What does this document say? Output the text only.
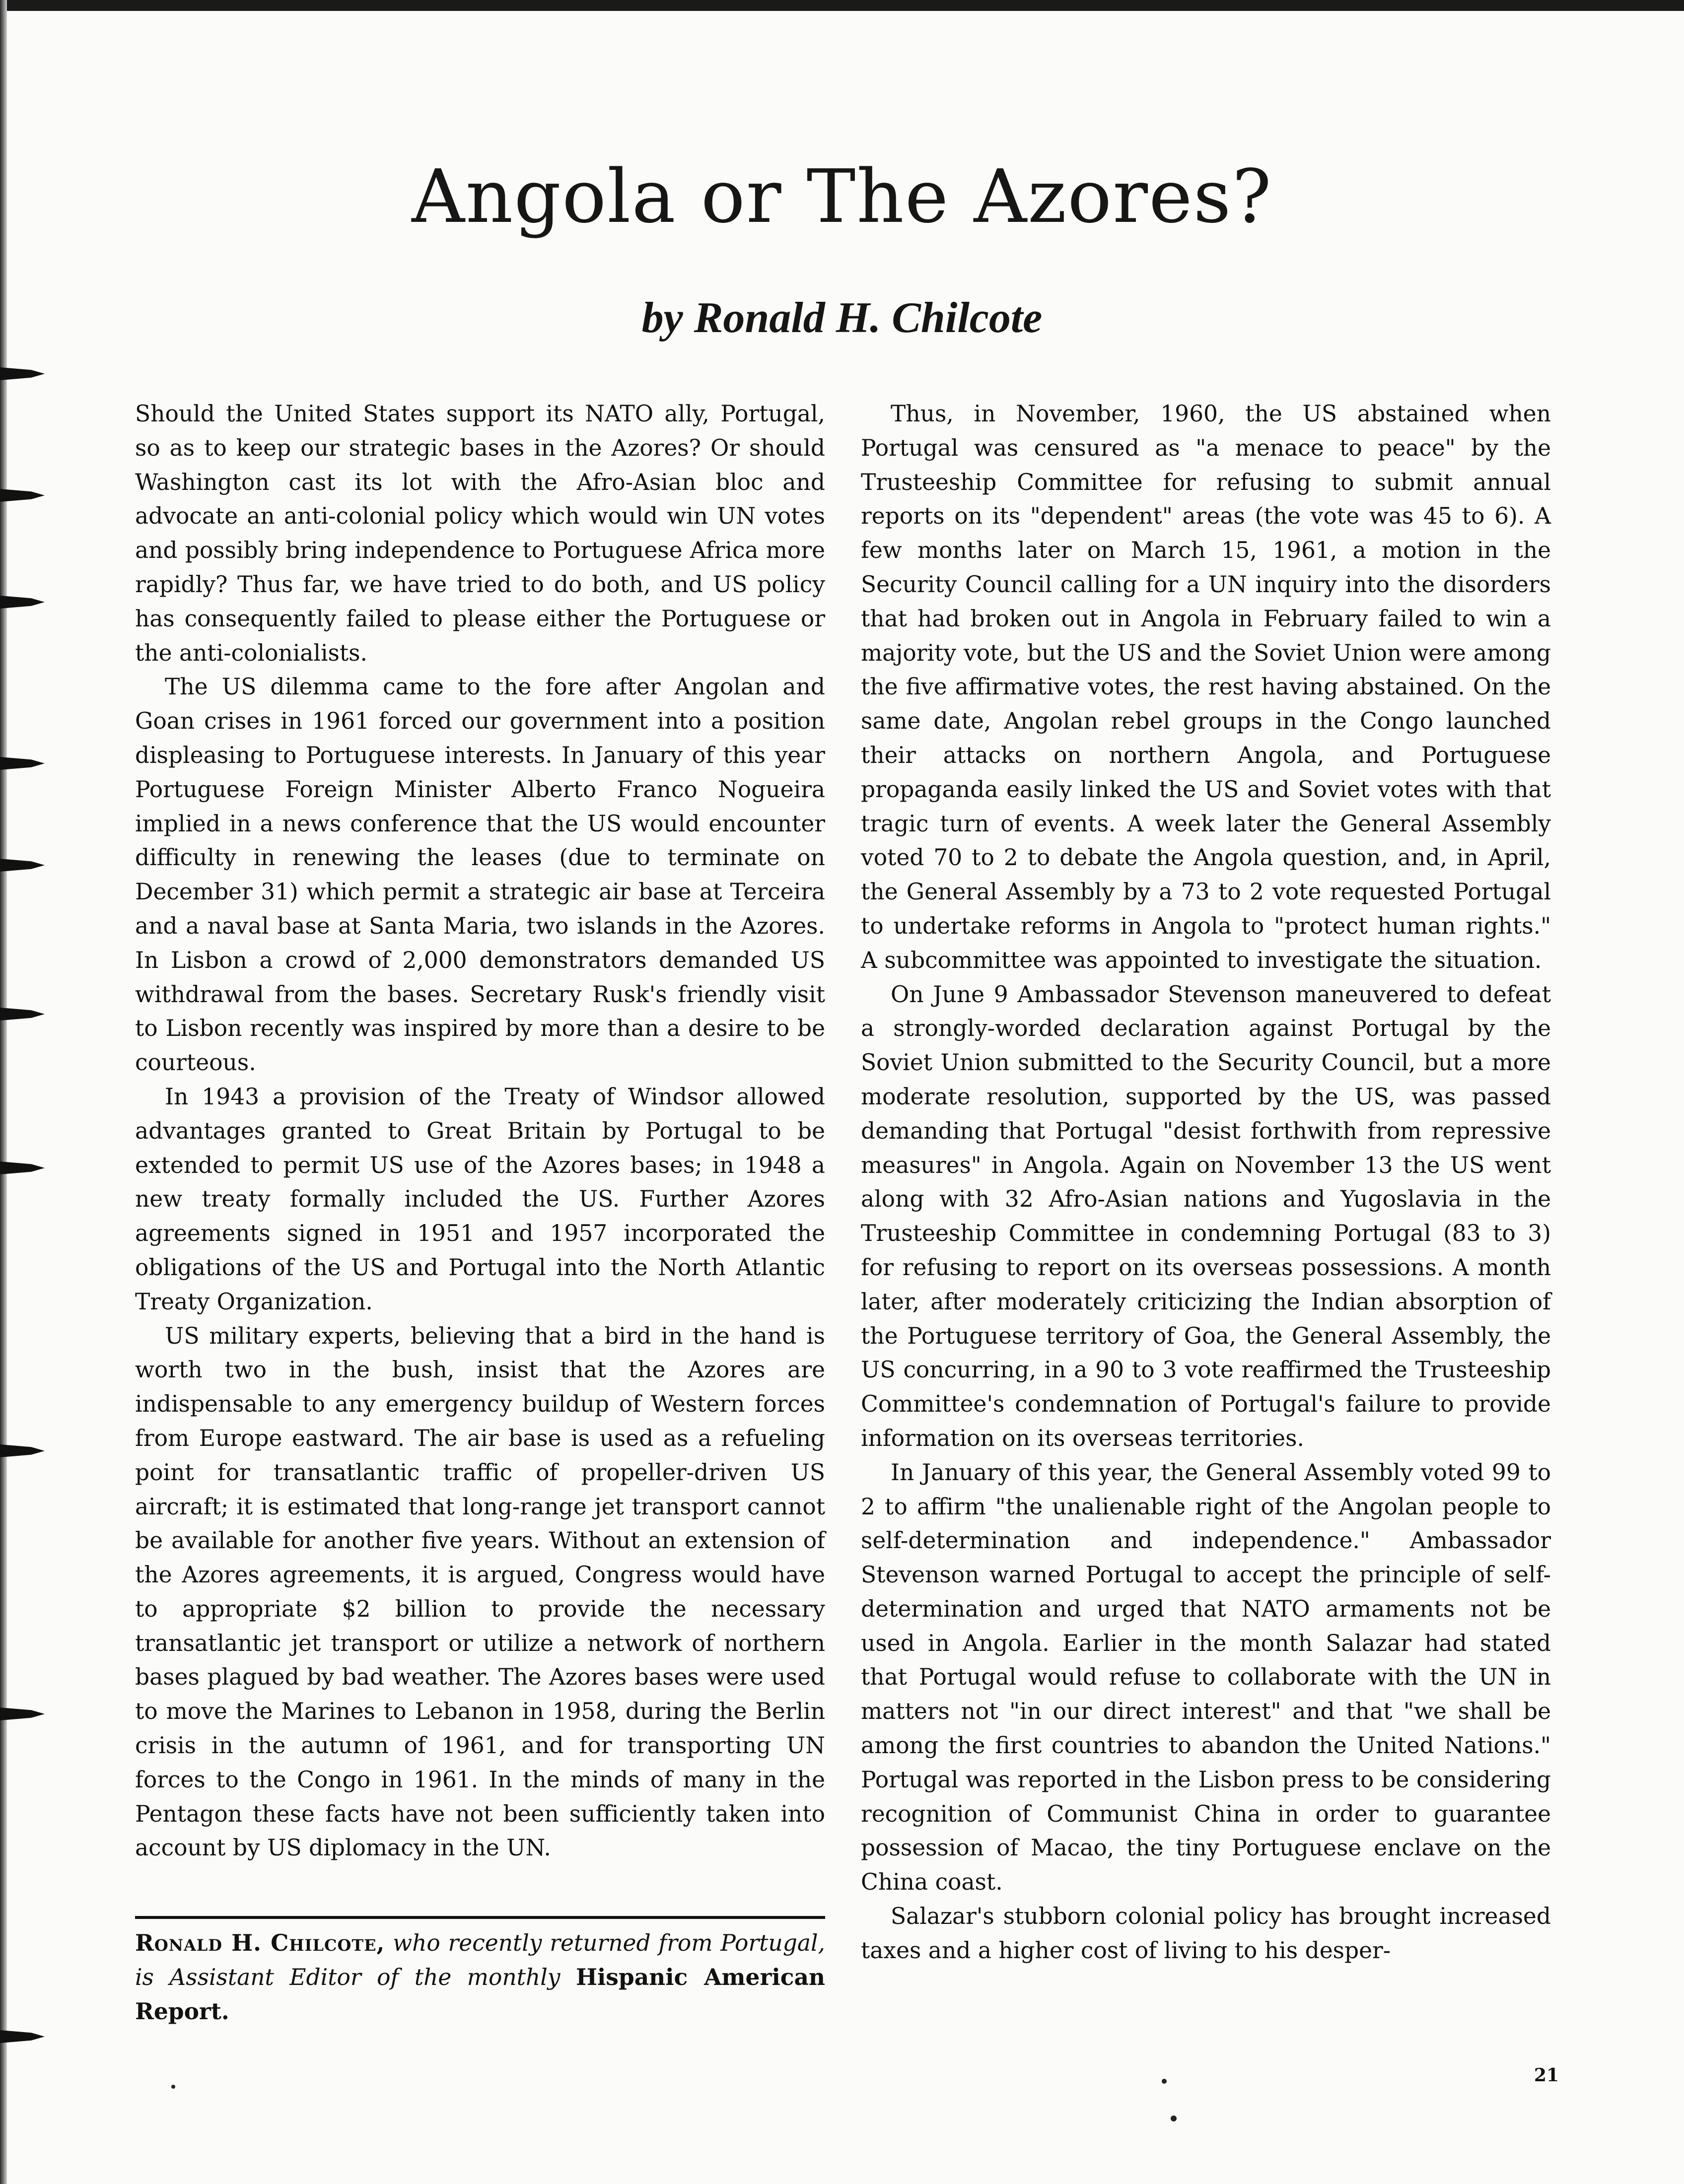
Angola or The Azores?
by Ronald H. Chilcote

Should the United States support its NATO ally, Portugal, so as to keep our strategic bases in the Azores? Or should Washington cast its lot with the Afro-Asian bloc and advocate an anti-colonial policy which would win UN votes and possibly bring independence to Portuguese Africa more rapidly? Thus far, we have tried to do both, and US policy has consequently failed to please either the Portuguese or the anti-colonialists.

The US dilemma came to the fore after Angolan and Goan crises in 1961 forced our government into a position displeasing to Portuguese interests. In January of this year Portuguese Foreign Minister Alberto Franco Nogueira implied in a news conference that the US would encounter difficulty in renewing the leases (due to terminate on December 31) which permit a strategic air base at Terceira and a naval base at Santa Maria, two islands in the Azores. In Lisbon a crowd of 2,000 demonstrators demanded US withdrawal from the bases. Secretary Rusk's friendly visit to Lisbon recently was inspired by more than a desire to be courteous.

In 1943 a provision of the Treaty of Windsor allowed advantages granted to Great Britain by Portugal to be extended to permit US use of the Azores bases; in 1948 a new treaty formally included the US. Further Azores agreements signed in 1951 and 1957 incorporated the obligations of the US and Portugal into the North Atlantic Treaty Organization.

US military experts, believing that a bird in the hand is worth two in the bush, insist that the Azores are indispensable to any emergency buildup of Western forces from Europe eastward. The air base is used as a refueling point for transatlantic traffic of propeller-driven US aircraft; it is estimated that long-range jet transport cannot be available for another five years. Without an extension of the Azores agreements, it is argued, Congress would have to appropriate $2 billion to provide the necessary transatlantic jet transport or utilize a network of northern bases plagued by bad weather. The Azores bases were used to move the Marines to Lebanon in 1958, during the Berlin crisis in the autumn of 1961, and for transporting UN forces to the Congo in 1961. In the minds of many in the Pentagon these facts have not been sufficiently taken into account by US diplomacy in the UN.

Thus, in November, 1960, the US abstained when Portugal was censured as "a menace to peace" by the Trusteeship Committee for refusing to submit annual reports on its "dependent" areas (the vote was 45 to 6). A few months later on March 15, 1961, a motion in the Security Council calling for a UN inquiry into the disorders that had broken out in Angola in February failed to win a majority vote, but the US and the Soviet Union were among the five affirmative votes, the rest having abstained. On the same date, Angolan rebel groups in the Congo launched their attacks on northern Angola, and Portuguese propaganda easily linked the US and Soviet votes with that tragic turn of events. A week later the General Assembly voted 70 to 2 to debate the Angola question, and, in April, the General Assembly by a 73 to 2 vote requested Portugal to undertake reforms in Angola to "protect human rights." A subcommittee was appointed to investigate the situation.

On June 9 Ambassador Stevenson maneuvered to defeat a strongly-worded declaration against Portugal by the Soviet Union submitted to the Security Council, but a more moderate resolution, supported by the US, was passed demanding that Portugal "desist forthwith from repressive measures" in Angola. Again on November 13 the US went along with 32 Afro-Asian nations and Yugoslavia in the Trusteeship Committee in condemning Portugal (83 to 3) for refusing to report on its overseas possessions. A month later, after moderately criticizing the Indian absorption of the Portuguese territory of Goa, the General Assembly, the US concurring, in a 90 to 3 vote reaffirmed the Trusteeship Committee's condemnation of Portugal's failure to provide information on its overseas territories.

In January of this year, the General Assembly voted 99 to 2 to affirm "the unalienable right of the Angolan people to self-determination and independence." Ambassador Stevenson warned Portugal to accept the principle of self-determination and urged that NATO armaments not be used in Angola. Earlier in the month Salazar had stated that Portugal would refuse to collaborate with the UN in matters not "in our direct interest" and that "we shall be among the first countries to abandon the United Nations." Portugal was reported in the Lisbon press to be considering recognition of Communist China in order to guarantee possession of Macao, the tiny Portuguese enclave on the China coast.

Salazar's stubborn colonial policy has brought increased taxes and a higher cost of living to his desper-

Ronald H. Chilcote, who recently returned from Portugal, is Assistant Editor of the monthly Hispanic American Report.
21
